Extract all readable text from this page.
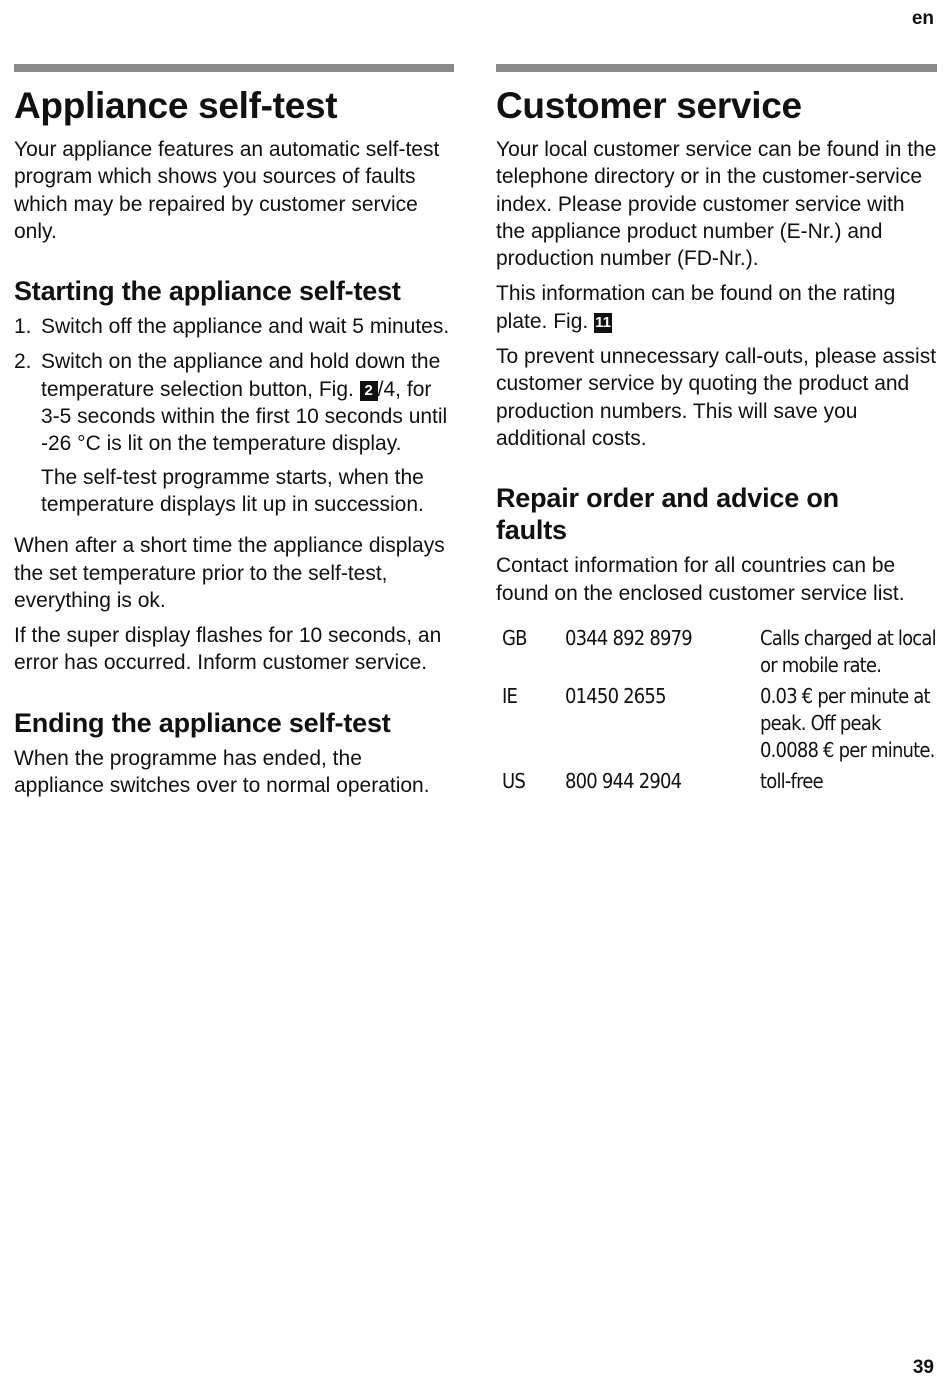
en
Appliance self-test

Your appliance features an automatic self-test program which shows you sources of faults which may be repaired by customer service only.

Starting the appliance self-test
1. Switch off the appliance and wait 5 minutes.
2. Switch on the appliance and hold down the temperature selection button, Fig. 2 /4, for 3-5 seconds within the first 10 seconds until -26 °C is lit on the temperature display.

The self-test programme starts, when the temperature displays lit up in succession.

When after a short time the appliance displays the set temperature prior to the self-test, everything is ok.

If the super display flashes for 10 seconds, an error has occurred. Inform customer service.

Ending the appliance self-test

When the programme has ended, the appliance switches over to normal operation.

Customer service

Your local customer service can be found in the telephone directory or in the customer-service index. Please provide customer service with the appliance product number (E-Nr.) and production number (FD-Nr.).

This information can be found on the rating plate. Fig. 11

To prevent unnecessary call-outs, please assist customer service by quoting the product and production numbers. This will save you additional costs.

Repair order and advice on faults

Contact information for all countries can be found on the enclosed customer service list.

GB	0344 892 8979	Calls charged at local or mobile rate.
IE	01450 2655	0.03 € per minute at peak. Off peak 0.0088 € per minute.
US	800 944 2904	toll-free
39
